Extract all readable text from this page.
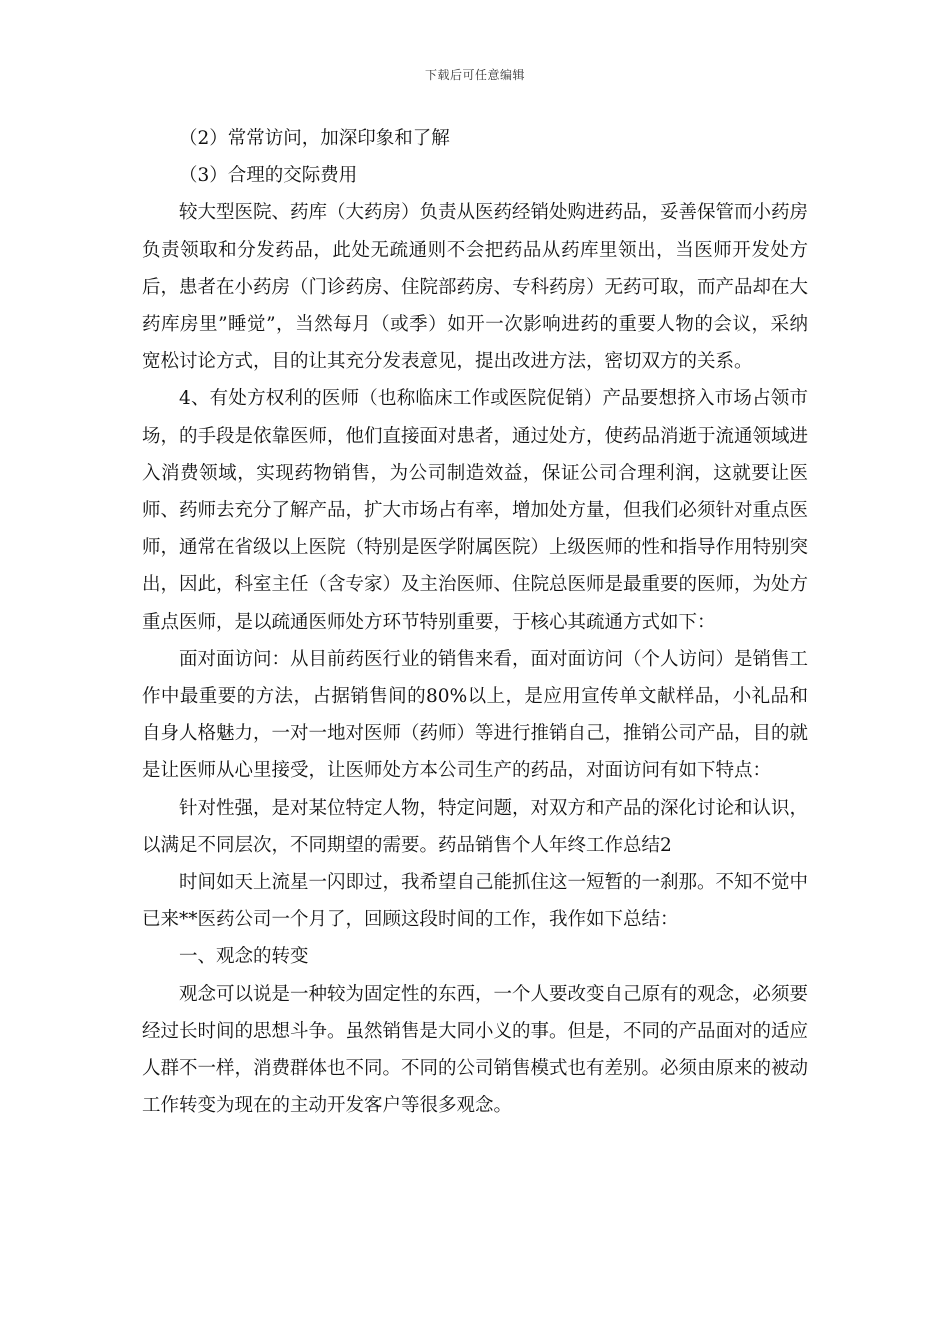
下载后可任意编辑

（2）常常访问，加深印象和了解

（3）合理的交际费用

较大型医院、药库（大药房）负责从医药经销处购进药品，妥善保管而小药房负责领取和分发药品，此处无疏通则不会把药品从药库里领出，当医师开发处方后，患者在小药房（门诊药房、住院部药房、专科药房）无药可取，而产品却在大药库房里”睡觉”，当然每月（或季）如开一次影响进药的重要人物的会议，采纳宽松讨论方式，目的让其充分发表意见，提出改进方法，密切双方的关系。

4、有处方权利的医师（也称临床工作或医院促销）产品要想挤入市场占领市场，的手段是依靠医师，他们直接面对患者，通过处方，使药品消逝于流通领域进入消费领域，实现药物销售，为公司制造效益，保证公司合理利润，这就要让医师、药师去充分了解产品，扩大市场占有率，增加处方量，但我们必须针对重点医师，通常在省级以上医院（特别是医学附属医院）上级医师的性和指导作用特别突出，因此，科室主任（含专家）及主治医师、住院总医师是最重要的医师，为处方重点医师，是以疏通医师处方环节特别重要，于核心其疏通方式如下：

面对面访问：从目前药医行业的销售来看，面对面访问（个人访问）是销售工作中最重要的方法，占据销售间的80%以上，是应用宣传单文献样品，小礼品和自身人格魅力，一对一地对医师（药师）等进行推销自己，推销公司产品，目的就是让医师从心里接受，让医师处方本公司生产的药品，对面访问有如下特点：

针对性强，是对某位特定人物，特定问题，对双方和产品的深化讨论和认识，以满足不同层次，不同期望的需要。药品销售个人年终工作总结2

时间如天上流星一闪即过，我希望自己能抓住这一短暂的一刹那。不知不觉中已来**医药公司一个月了，回顾这段时间的工作，我作如下总结：

一、观念的转变

观念可以说是一种较为固定性的东西，一个人要改变自己原有的观念，必须要经过长时间的思想斗争。虽然销售是大同小义的事。但是，不同的产品面对的适应人群不一样，消费群体也不同。不同的公司销售模式也有差别。必须由原来的被动工作转变为现在的主动开发客户等很多观念。
